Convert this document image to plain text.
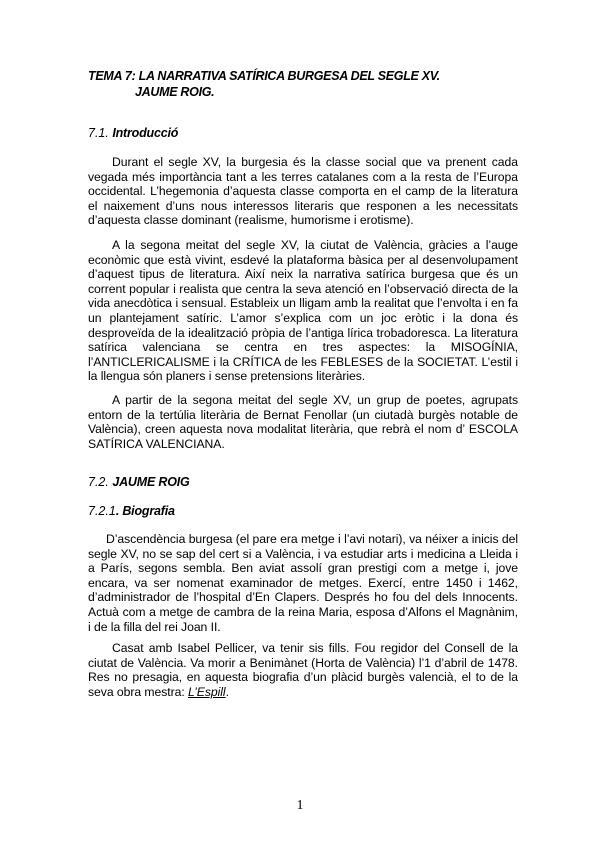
TEMA 7: LA NARRATIVA SATÍRICA BURGESA DEL SEGLE XV.
JAUME ROIG.
7.1. Introducció

Durant el segle XV, la burgesia és la classe social que va prenent cada vegada més importància tant a les terres catalanes com a la resta de l’Europa occidental. L’hegemonia d’aquesta classe comporta en el camp de la literatura el naixement d’uns nous interessos literaris que responen a les necessitats d’aquesta classe dominant (realisme, humorisme i erotisme).

A la segona meitat del segle XV, la ciutat de València, gràcies a l’auge econòmic que està vivint, esdevé la plataforma bàsica per al desenvolupament d’aquest tipus de literatura. Així neix la narrativa satírica burgesa que és un corrent popular i realista que centra la seva atenció en l’observació directa de la vida anecdòtica i sensual. Estableix un lligam amb la realitat que l’envolta i en fa un plantejament satíric. L’amor s’explica com un joc eròtic i la dona és desproveïda de la idealització pròpia de l’antiga lírica trobadoresca. La literatura satírica valenciana se centra en tres aspectes: la MISOGÍNIA, l’ANTICLERICALISME i la CRÍTICA de les FEBLESES de la SOCIETAT. L’estil i la llengua són planers i sense pretensions literàries.

A partir de la segona meitat del segle XV, un grup de poetes, agrupats entorn de la tertúlia literària de Bernat Fenollar (un ciutadà burgès notable de València), creen aquesta nova modalitat literària, que rebrà el nom d’ ESCOLA SATÍRICA VALENCIANA.

7.2. JAUME ROIG
7.2.1. Biografia

D’ascendència burgesa (el pare era metge i l’avi notari), va néixer a inicis del segle XV, no se sap del cert si a València, i va estudiar arts i medicina a Lleida i a París, segons sembla. Ben aviat assolí gran prestigi com a metge i, jove encara, va ser nomenat examinador de metges. Exercí, entre 1450 i 1462, d’administrador de l’hospital d’En Clapers. Després ho fou del dels Innocents. Actuà com a metge de cambra de la reina Maria, esposa d’Alfons el Magnànim, i de la filla del rei Joan II.

Casat amb Isabel Pellicer, va tenir sis fills. Fou regidor del Consell de la ciutat de València. Va morir a Benimànet (Horta de València) l’1 d’abril de 1478. Res no presagia, en aquesta biografia d’un plàcid burgès valencià, el to de la seva obra mestra: L’Espill.

1
